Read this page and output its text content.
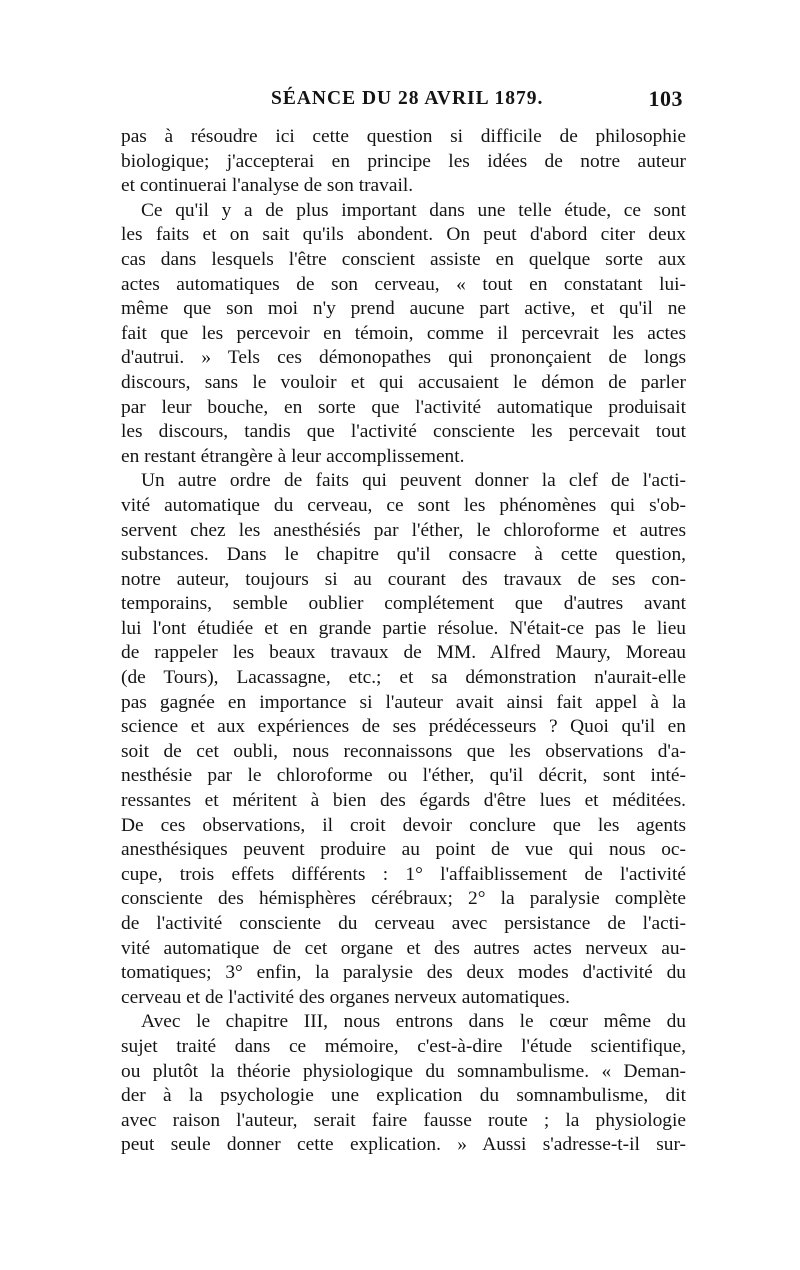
SÉANCE DU 28 AVRIL 1879.	103
pas à résoudre ici cette question si difficile de philosophie
biologique; j'accepterai en principe les idées de notre auteur
et continuerai l'analyse de son travail.
Ce qu'il y a de plus important dans une telle étude, ce sont
les faits et on sait qu'ils abondent. On peut d'abord citer deux
cas dans lesquels l'être conscient assiste en quelque sorte aux
actes automatiques de son cerveau, « tout en constatant lui-
même que son moi n'y prend aucune part active, et qu'il ne
fait que les percevoir en témoin, comme il percevrait les actes
d'autrui. » Tels ces démonopathes qui prononçaient de longs
discours, sans le vouloir et qui accusaient le démon de parler
par leur bouche, en sorte que l'activité automatique produisait
les discours, tandis que l'activité consciente les percevait tout
en restant étrangère à leur accomplissement.
Un autre ordre de faits qui peuvent donner la clef de l'acti-
vité automatique du cerveau, ce sont les phénomènes qui s'ob-
servent chez les anesthésiés par l'éther, le chloroforme et autres
substances. Dans le chapitre qu'il consacre à cette question,
notre auteur, toujours si au courant des travaux de ses con-
temporains, semble oublier complétement que d'autres avant
lui l'ont étudiée et en grande partie résolue. N'était-ce pas le lieu
de rappeler les beaux travaux de MM. Alfred Maury, Moreau
(de Tours), Lacassagne, etc.; et sa démonstration n'aurait-elle
pas gagnée en importance si l'auteur avait ainsi fait appel à la
science et aux expériences de ses prédécesseurs ? Quoi qu'il en
soit de cet oubli, nous reconnaissons que les observations d'a-
nesthésie par le chloroforme ou l'éther, qu'il décrit, sont inté-
ressantes et méritent à bien des égards d'être lues et méditées.
De ces observations, il croit devoir conclure que les agents
anesthésiques peuvent produire au point de vue qui nous oc-
cupe, trois effets différents : 1° l'affaiblissement de l'activité
consciente des hémisphères cérébraux; 2° la paralysie complète
de l'activité consciente du cerveau avec persistance de l'acti-
vité automatique de cet organe et des autres actes nerveux au-
tomatiques; 3° enfin, la paralysie des deux modes d'activité du
cerveau et de l'activité des organes nerveux automatiques.
Avec le chapitre III, nous entrons dans le cœur même du
sujet traité dans ce mémoire, c'est-à-dire l'étude scientifique,
ou plutôt la théorie physiologique du somnambulisme. « Deman-
der à la psychologie une explication du somnambulisme, dit
avec raison l'auteur, serait faire fausse route ; la physiologie
peut seule donner cette explication. » Aussi s'adresse-t-il sur-
